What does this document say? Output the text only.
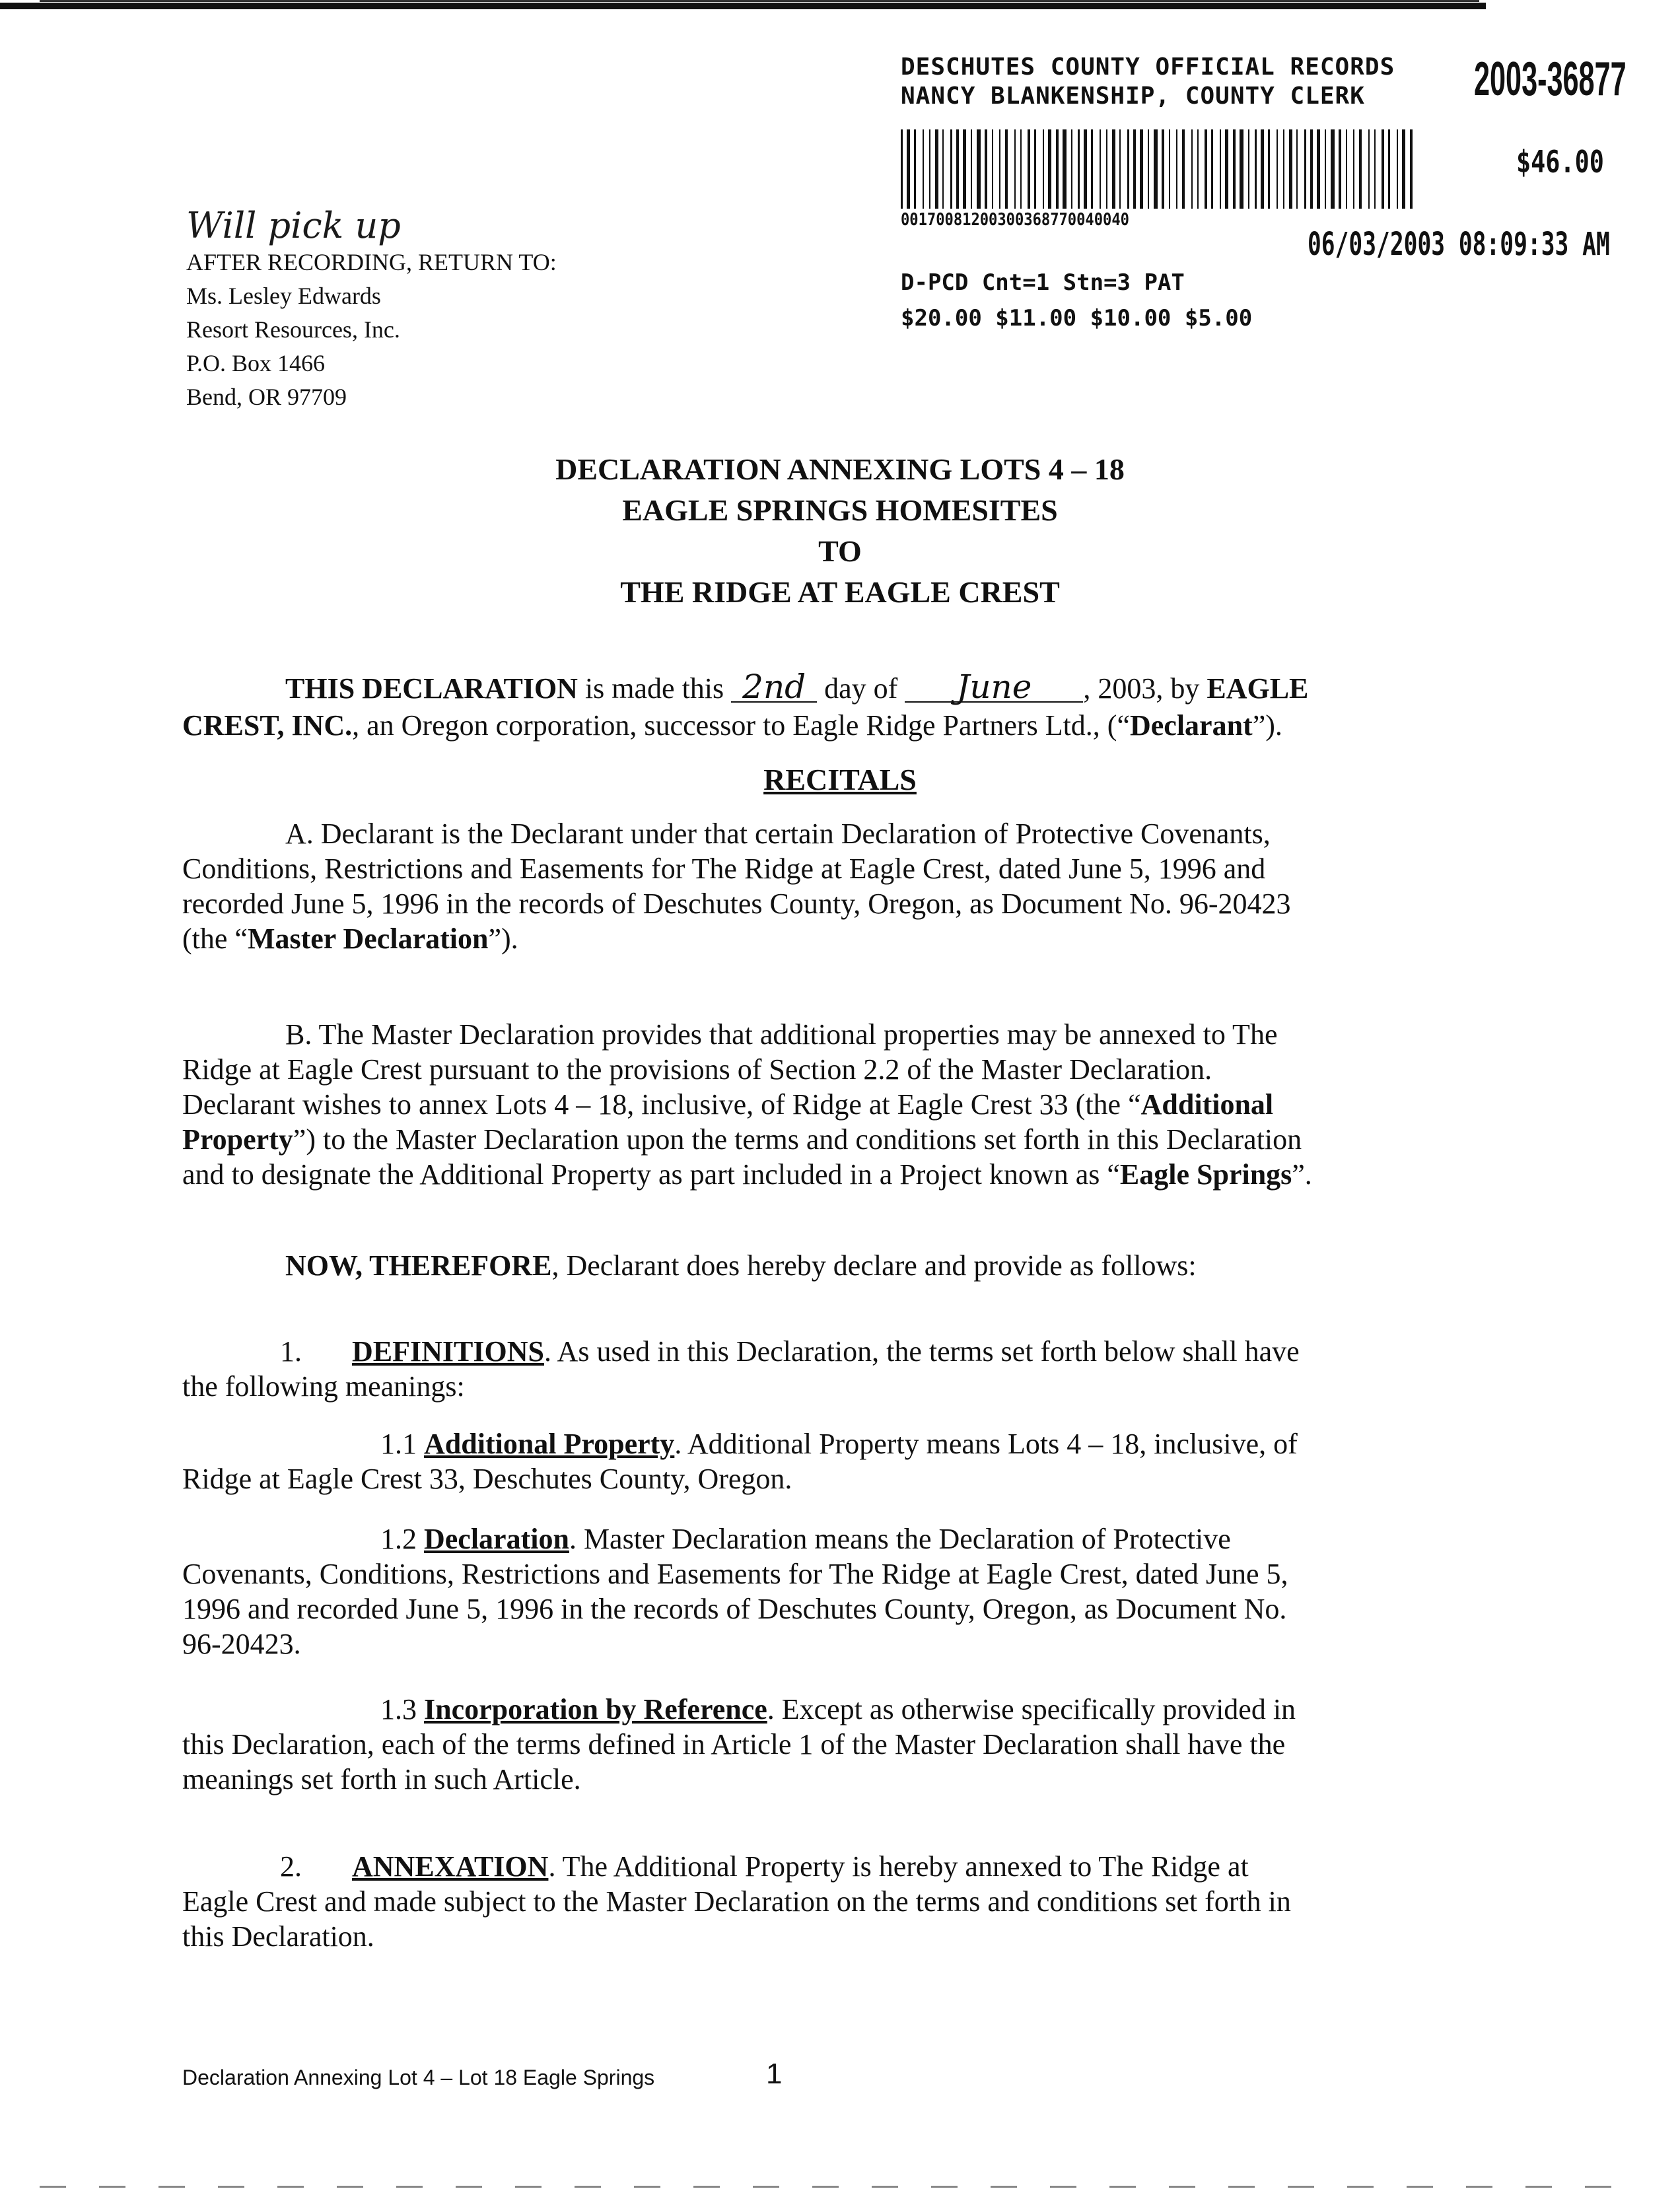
DESCHUTES COUNTY OFFICIAL RECORDS
NANCY BLANKENSHIP, COUNTY CLERK	2003-36877
00170081200300368770040040
$46.00
06/03/2003 08:09:33 AM
D-PCD Cnt=1 Stn=3 PAT
$20.00 $11.00 $10.00 $5.00
Will pick up
AFTER RECORDING, RETURN TO:
Ms. Lesley Edwards
Resort Resources, Inc.
P.O. Box 1466
Bend, OR 97709
DECLARATION ANNEXING LOTS 4 – 18
EAGLE SPRINGS HOMESITES
TO
THE RIDGE AT EAGLE CREST
THIS DECLARATION is made this 2nd day of June , 2003, by EAGLE
CREST, INC., an Oregon corporation, successor to Eagle Ridge Partners Ltd., (“Declarant”).
RECITALS
A. Declarant is the Declarant under that certain Declaration of Protective Covenants,
Conditions, Restrictions and Easements for The Ridge at Eagle Crest, dated June 5, 1996 and
recorded June 5, 1996 in the records of Deschutes County, Oregon, as Document No. 96-20423
(the “Master Declaration”).
B. The Master Declaration provides that additional properties may be annexed to The
Ridge at Eagle Crest pursuant to the provisions of Section 2.2 of the Master Declaration.
Declarant wishes to annex Lots 4 – 18, inclusive, of Ridge at Eagle Crest 33 (the “Additional
Property”) to the Master Declaration upon the terms and conditions set forth in this Declaration
and to designate the Additional Property as part included in a Project known as “Eagle Springs”.
NOW, THEREFORE, Declarant does hereby declare and provide as follows:
1. DEFINITIONS. As used in this Declaration, the terms set forth below shall have
the following meanings:
1.1 Additional Property. Additional Property means Lots 4 – 18, inclusive, of
Ridge at Eagle Crest 33, Deschutes County, Oregon.
1.2 Declaration. Master Declaration means the Declaration of Protective
Covenants, Conditions, Restrictions and Easements for The Ridge at Eagle Crest, dated June 5,
1996 and recorded June 5, 1996 in the records of Deschutes County, Oregon, as Document No.
96-20423.
1.3 Incorporation by Reference. Except as otherwise specifically provided in
this Declaration, each of the terms defined in Article 1 of the Master Declaration shall have the
meanings set forth in such Article.
2. ANNEXATION. The Additional Property is hereby annexed to The Ridge at
Eagle Crest and made subject to the Master Declaration on the terms and conditions set forth in
this Declaration.
Declaration Annexing Lot 4 – Lot 18 Eagle Springs	1
